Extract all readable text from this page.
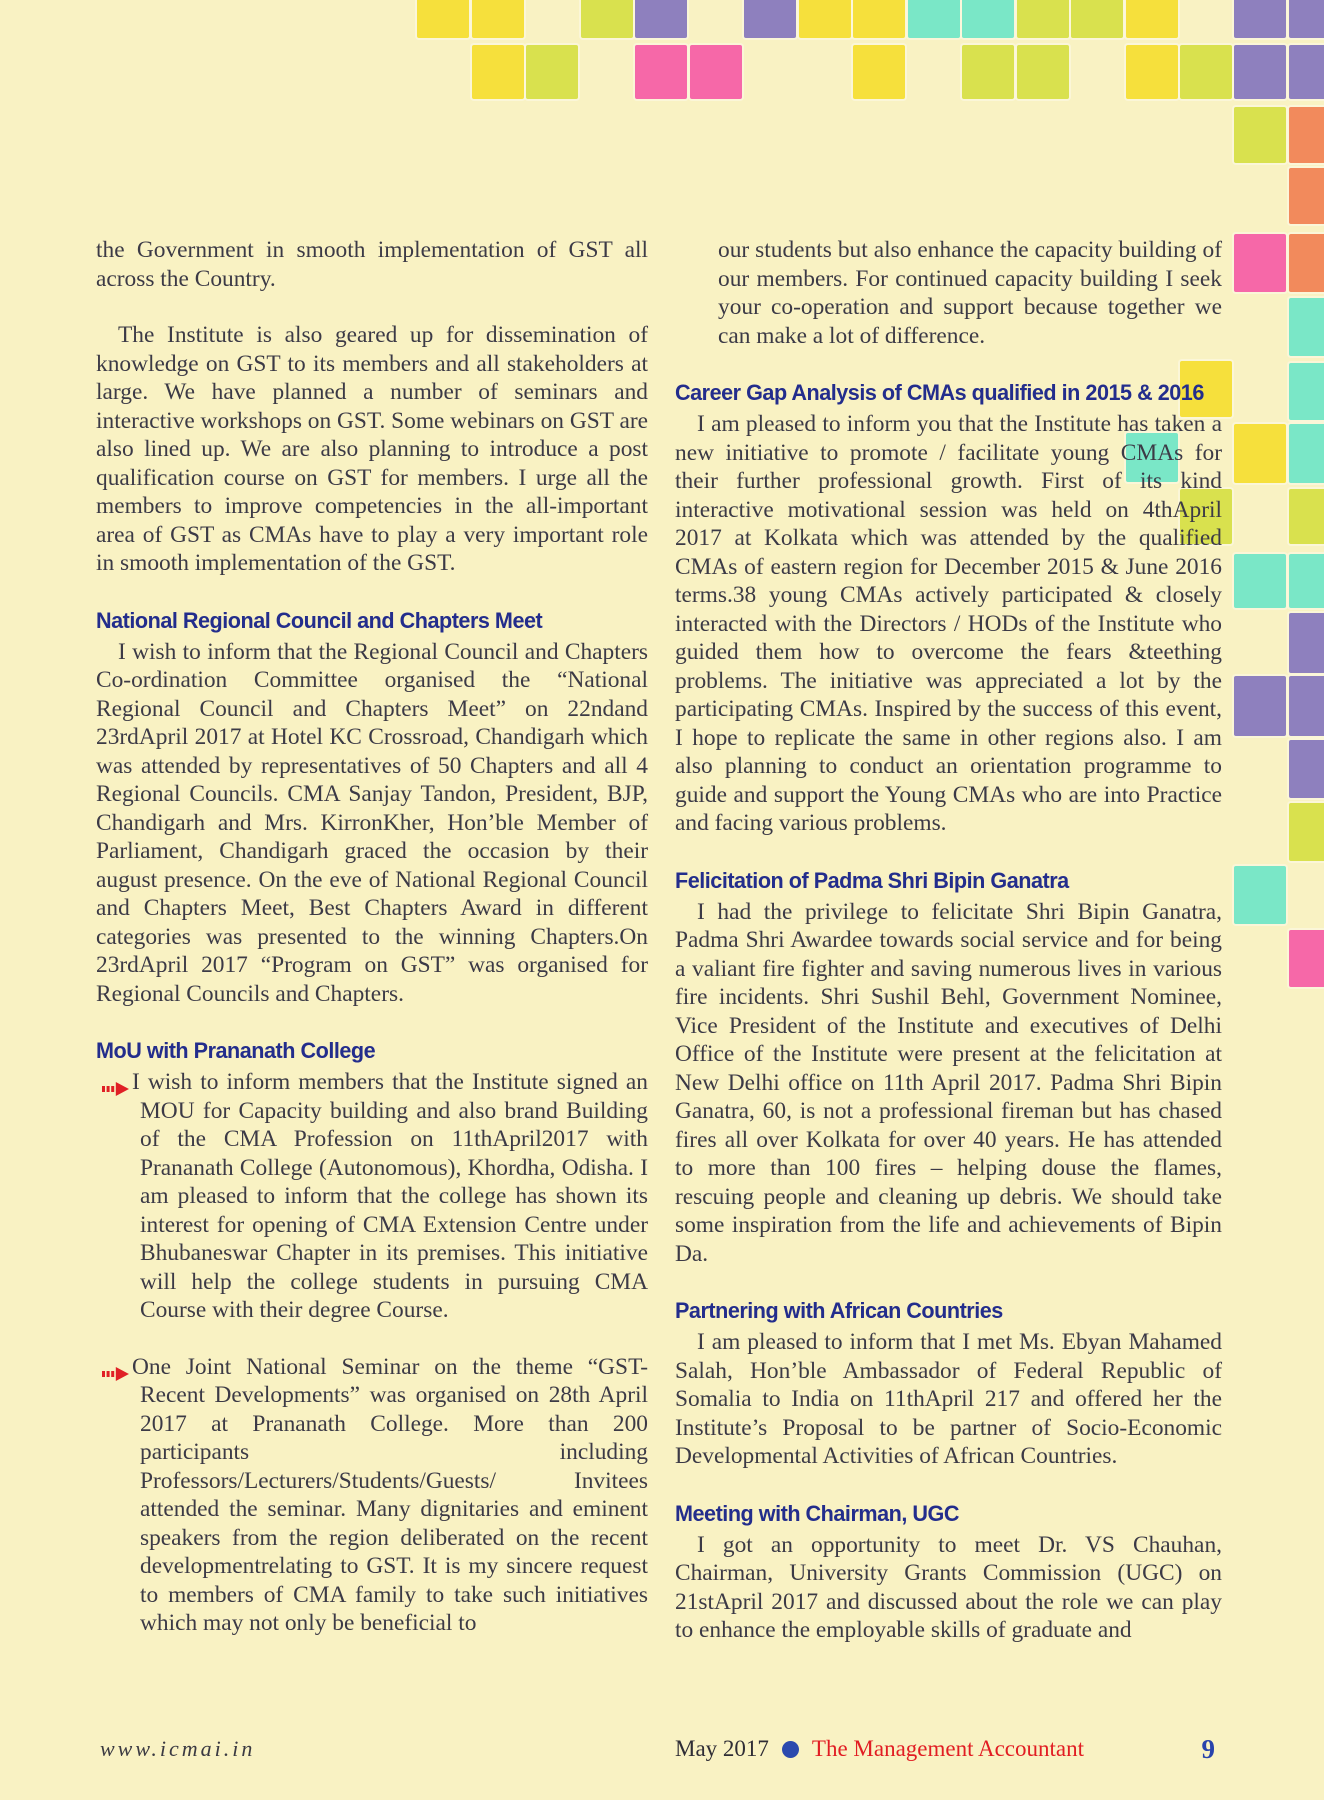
the Government in smooth implementation of GST all across the Country.

The Institute is also geared up for dissemination of knowledge on GST to its members and all stakeholders at large. We have planned a number of seminars and interactive workshops on GST. Some webinars on GST are also lined up. We are also planning to introduce a post qualification course on GST for members. I urge all the members to improve competencies in the all-important area of GST as CMAs have to play a very important role in smooth implementation of the GST.

National Regional Council and Chapters Meet

I wish to inform that the Regional Council and Chapters Co-ordination Committee organised the “National Regional Council and Chapters Meet” on 22ndand 23rdApril 2017 at Hotel KC Crossroad, Chandigarh which was attended by representatives of 50 Chapters and all 4 Regional Councils. CMA Sanjay Tandon, President, BJP, Chandigarh and Mrs. KirronKher, Hon’ble Member of Parliament, Chandigarh graced the occasion by their august presence. On the eve of National Regional Council and Chapters Meet, Best Chapters Award in different categories was presented to the winning Chapters.On 23rdApril 2017 “Program on GST” was organised for Regional Councils and Chapters.

MoU with Prananath College

I wish to inform members that the Institute signed an MOU for Capacity building and also brand Building of the CMA Profession on 11thApril2017 with Prananath College (Autonomous), Khordha, Odisha. I am pleased to inform that the college has shown its interest for opening of CMA Extension Centre under Bhubaneswar Chapter in its premises. This initiative will help the college students in pursuing CMA Course with their degree Course.

One Joint National Seminar on the theme “GST-Recent Developments” was organised on 28th April 2017 at Prananath College. More than 200 participants including Professors/Lecturers/Students/Guests/ Invitees attended the seminar. Many dignitaries and eminent speakers from the region deliberated on the recent developmentrelating to GST. It is my sincere request to members of CMA family to take such initiatives which may not only be beneficial to

our students but also enhance the capacity building of our members. For continued capacity building I seek your co-operation and support because together we can make a lot of difference.

Career Gap Analysis of CMAs qualified in 2015 & 2016

I am pleased to inform you that the Institute has taken a new initiative to promote / facilitate young CMAs for their further professional growth. First of its kind interactive motivational session was held on 4thApril 2017 at Kolkata which was attended by the qualified CMAs of eastern region for December 2015 & June 2016 terms.38 young CMAs actively participated & closely interacted with the Directors / HODs of the Institute who guided them how to overcome the fears &teething problems. The initiative was appreciated a lot by the participating CMAs. Inspired by the success of this event, I hope to replicate the same in other regions also. I am also planning to conduct an orientation programme to guide and support the Young CMAs who are into Practice and facing various problems.

Felicitation of Padma Shri Bipin Ganatra

I had the privilege to felicitate Shri Bipin Ganatra, Padma Shri Awardee towards social service and for being a valiant fire fighter and saving numerous lives in various fire incidents. Shri Sushil Behl, Government Nominee, Vice President of the Institute and executives of Delhi Office of the Institute were present at the felicitation at New Delhi office on 11th April 2017. Padma Shri Bipin Ganatra, 60, is not a professional fireman but has chased fires all over Kolkata for over 40 years. He has attended to more than 100 fires – helping douse the flames, rescuing people and cleaning up debris. We should take some inspiration from the life and achievements of Bipin Da.

Partnering with African Countries

I am pleased to inform that I met Ms. Ebyan Mahamed Salah, Hon’ble Ambassador of Federal Republic of Somalia to India on 11thApril 217 and offered her the Institute’s Proposal to be partner of Socio-Economic Developmental Activities of African Countries.

Meeting with Chairman, UGC

I got an opportunity to meet Dr. VS Chauhan, Chairman, University Grants Commission (UGC) on 21stApril 2017 and discussed about the role we can play to enhance the employable skills of graduate and

www.icmai.in	May 2017 The Management Accountant	9
